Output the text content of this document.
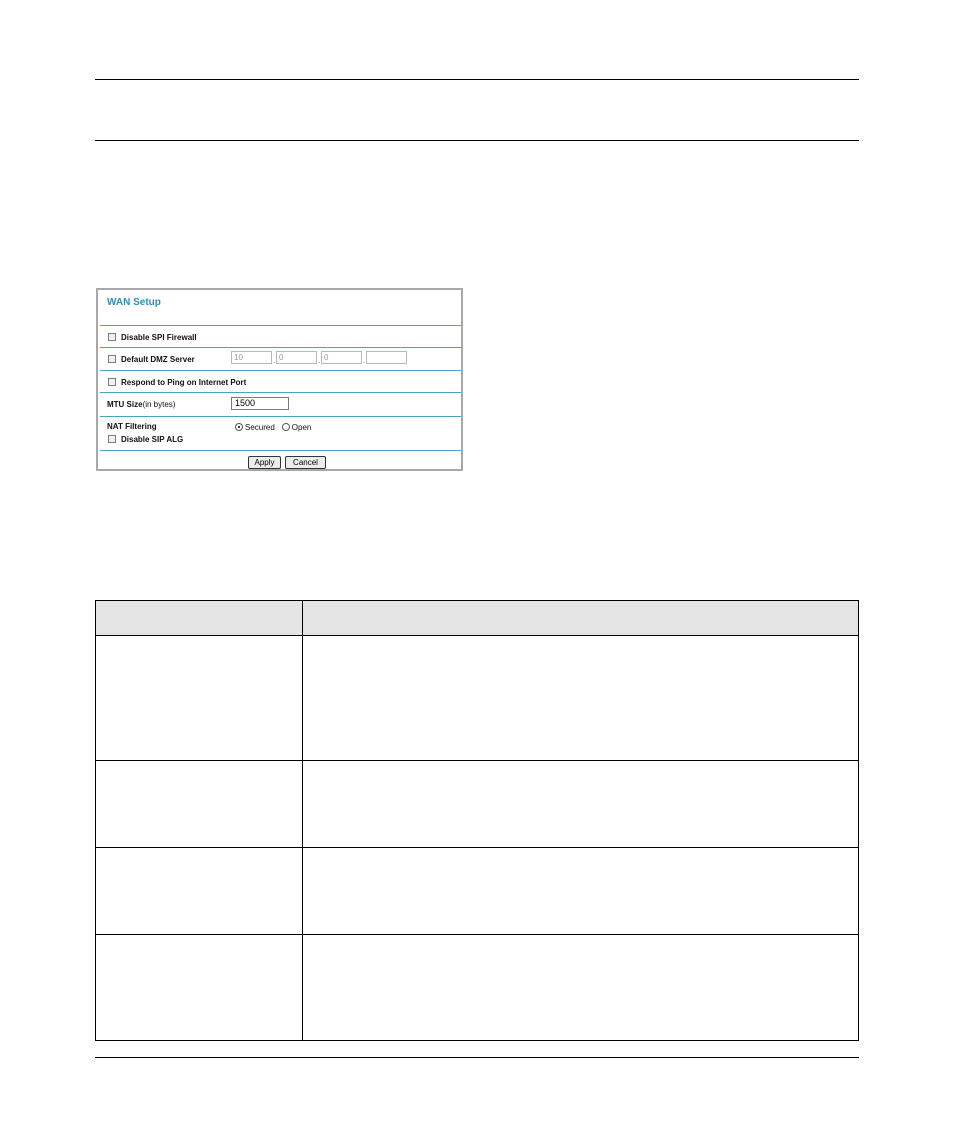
WAN Setup
Disable SPI Firewall
Default DMZ Server	10	. 0	. 0	.
Respond to Ping on Internet Port
MTU Size (in bytes)	1500
NAT Filtering	Secured Open
Disable SIP ALG
Apply	Cancel
